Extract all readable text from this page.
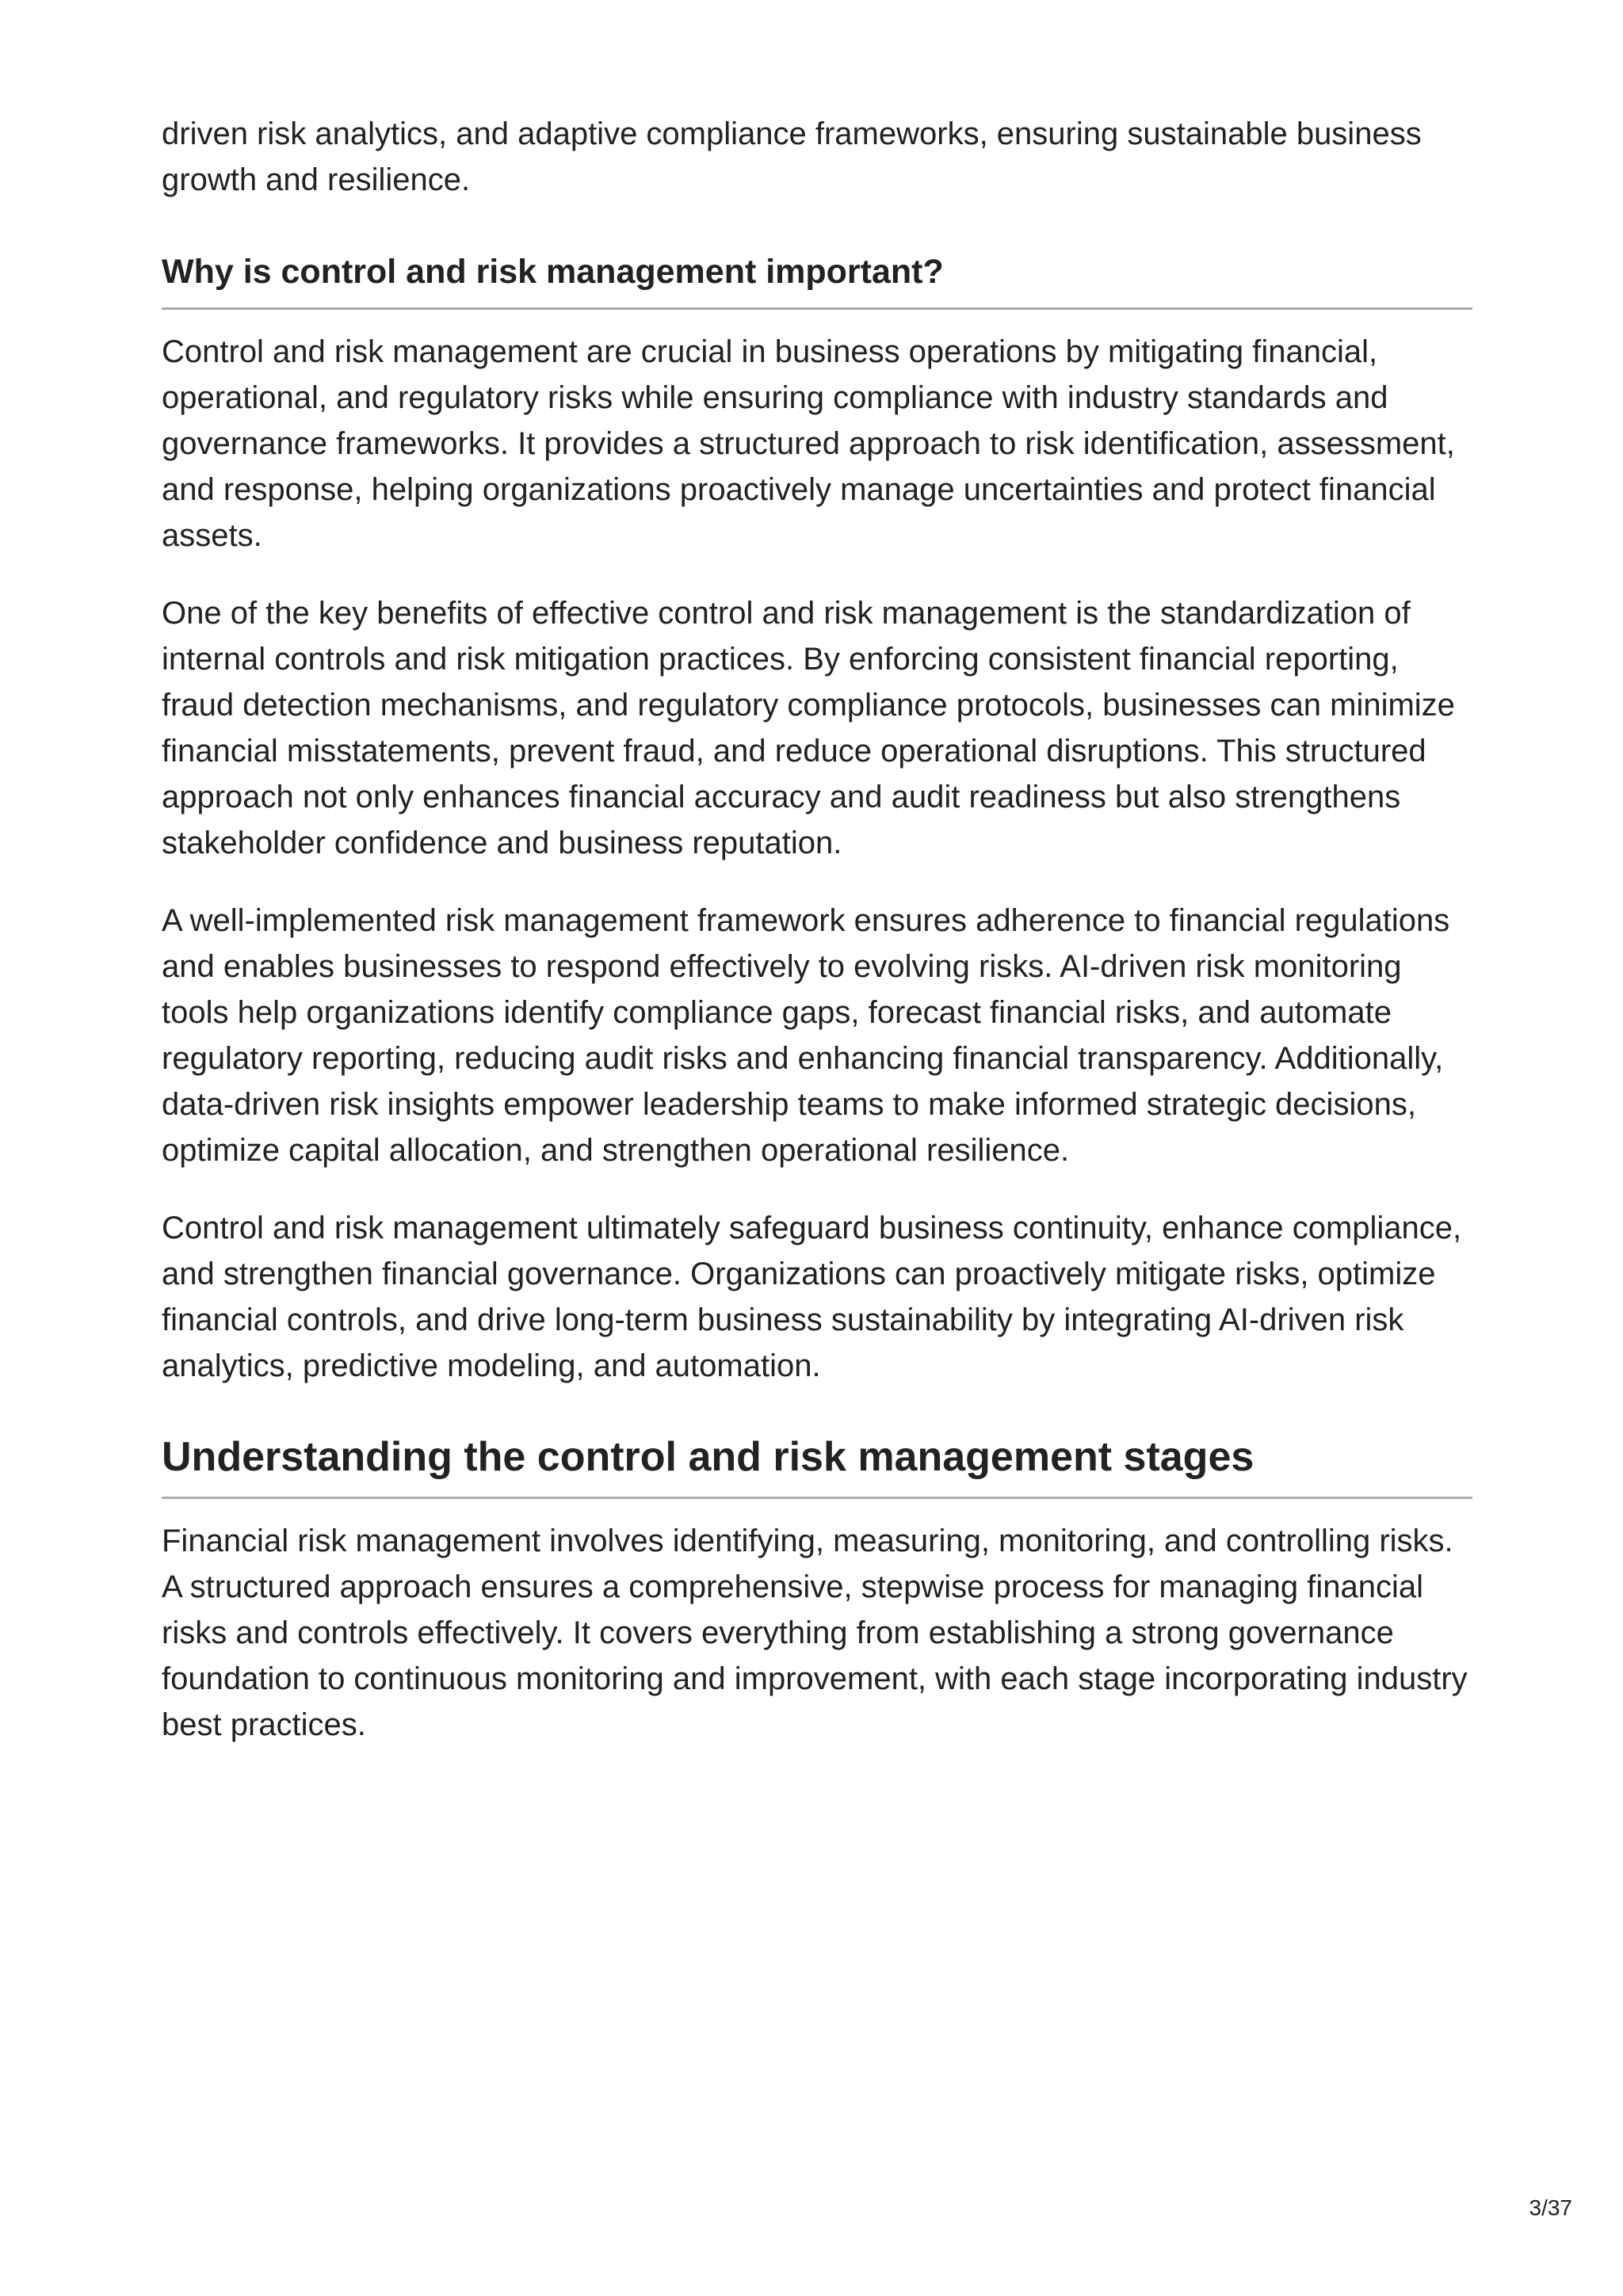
driven risk analytics, and adaptive compliance frameworks, ensuring sustainable business growth and resilience.

Why is control and risk management important?

Control and risk management are crucial in business operations by mitigating financial, operational, and regulatory risks while ensuring compliance with industry standards and governance frameworks. It provides a structured approach to risk identification, assessment, and response, helping organizations proactively manage uncertainties and protect financial assets.

One of the key benefits of effective control and risk management is the standardization of internal controls and risk mitigation practices. By enforcing consistent financial reporting, fraud detection mechanisms, and regulatory compliance protocols, businesses can minimize financial misstatements, prevent fraud, and reduce operational disruptions. This structured approach not only enhances financial accuracy and audit readiness but also strengthens stakeholder confidence and business reputation.

A well-implemented risk management framework ensures adherence to financial regulations and enables businesses to respond effectively to evolving risks. AI-driven risk monitoring tools help organizations identify compliance gaps, forecast financial risks, and automate regulatory reporting, reducing audit risks and enhancing financial transparency. Additionally, data-driven risk insights empower leadership teams to make informed strategic decisions, optimize capital allocation, and strengthen operational resilience.

Control and risk management ultimately safeguard business continuity, enhance compliance, and strengthen financial governance. Organizations can proactively mitigate risks, optimize financial controls, and drive long-term business sustainability by integrating AI-driven risk analytics, predictive modeling, and automation.

Understanding the control and risk management stages

Financial risk management involves identifying, measuring, monitoring, and controlling risks. A structured approach ensures a comprehensive, stepwise process for managing financial risks and controls effectively. It covers everything from establishing a strong governance foundation to continuous monitoring and improvement, with each stage incorporating industry best practices.

3/37
